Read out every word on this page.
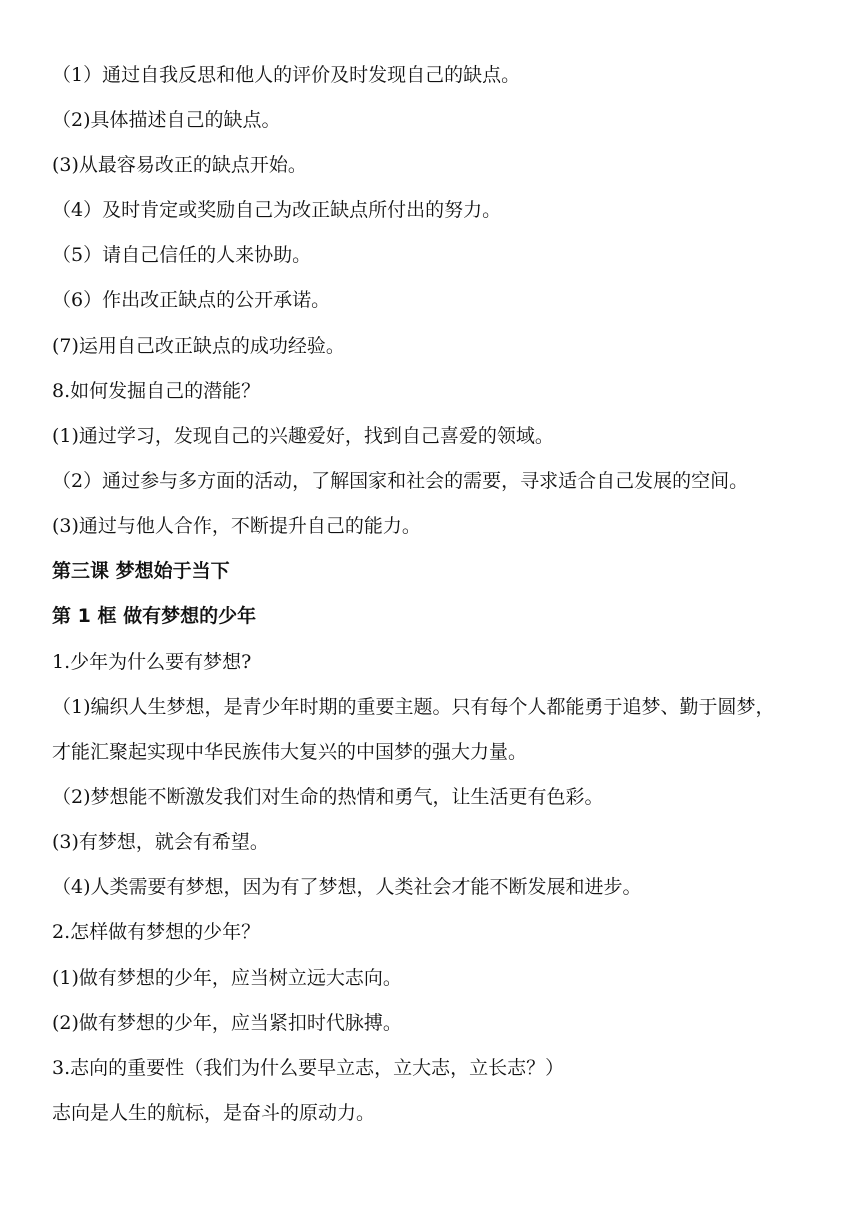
（1）通过自我反思和他人的评价及时发现自己的缺点。
（2)具体描述自己的缺点。
(3)从最容易改正的缺点开始。
（4）及时肯定或奖励自己为改正缺点所付出的努力。
（5）请自己信任的人来协助。
（6）作出改正缺点的公开承诺。
(7)运用自己改正缺点的成功经验。
8.如何发掘自己的潜能？
(1)通过学习，发现自己的兴趣爱好，找到自己喜爱的领域。
（2）通过参与多方面的活动，了解国家和社会的需要，寻求适合自己发展的空间。
(3)通过与他人合作，不断提升自己的能力。
第三课 梦想始于当下
第 1 框 做有梦想的少年
1.少年为什么要有梦想?
（1)编织人生梦想，是青少年时期的重要主题。只有每个人都能勇于追梦、勤于圆梦，
才能汇聚起实现中华民族伟大复兴的中国梦的强大力量。
（2)梦想能不断激发我们对生命的热情和勇气，让生活更有色彩。
(3)有梦想，就会有希望。
（4)人类需要有梦想，因为有了梦想，人类社会才能不断发展和进步。
2.怎样做有梦想的少年？
(1)做有梦想的少年，应当树立远大志向。
(2)做有梦想的少年，应当紧扣时代脉搏。
3.志向的重要性（我们为什么要早立志，立大志，立长志？）
志向是人生的航标，是奋斗的原动力。
